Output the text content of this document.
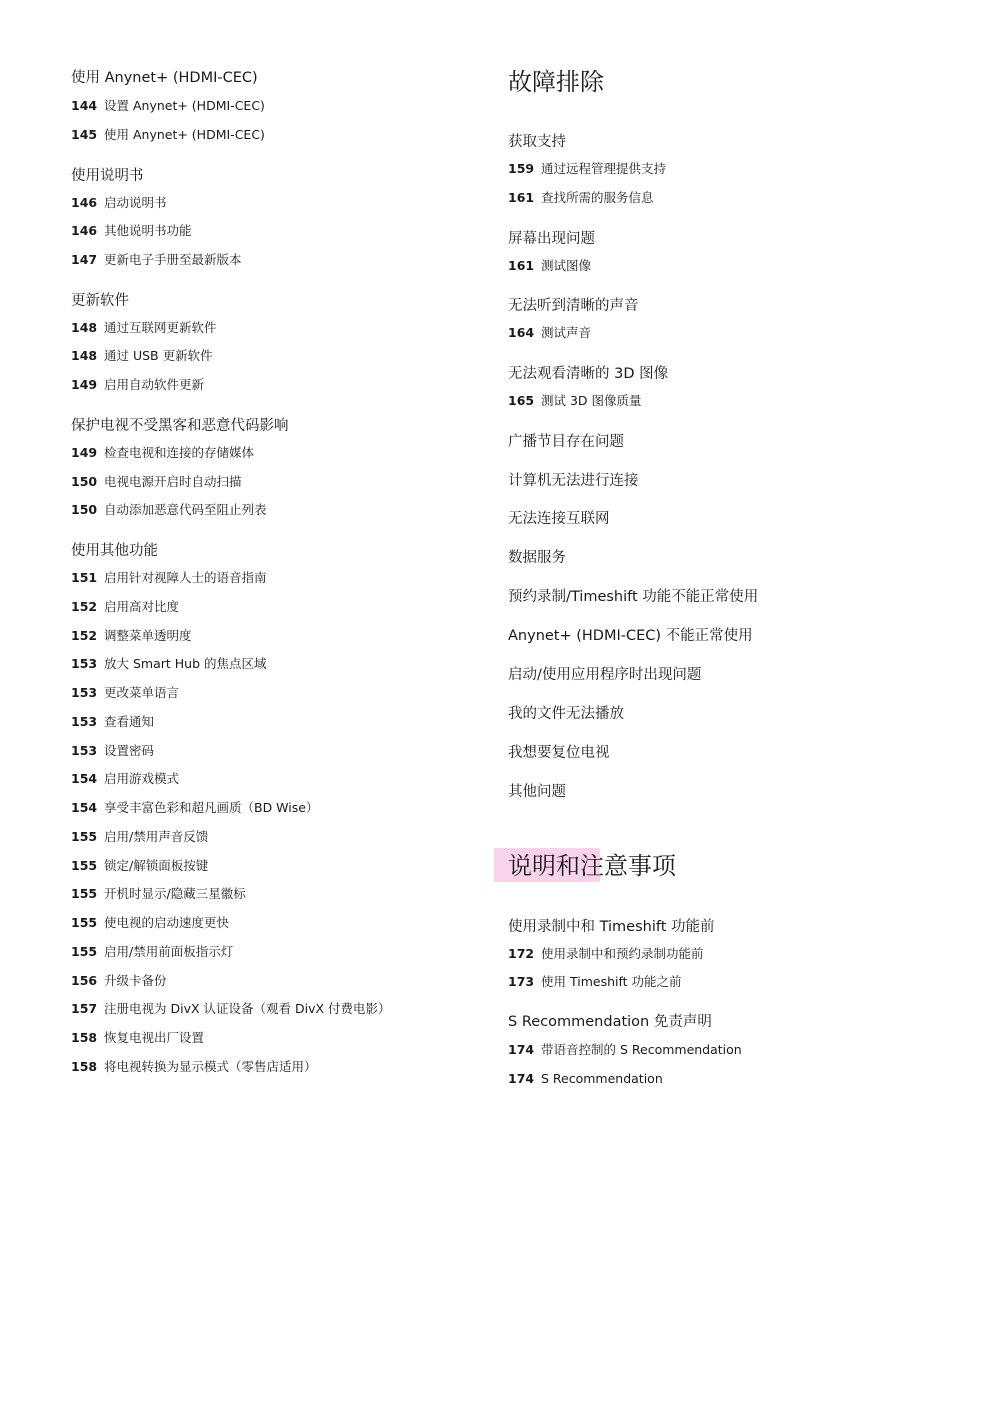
使用 Anynet+ (HDMI-CEC)
144 设置 Anynet+ (HDMI-CEC)
145 使用 Anynet+ (HDMI-CEC)
使用说明书
146 启动说明书
146 其他说明书功能
147 更新电子手册至最新版本
更新软件
148 通过互联网更新软件
148 通过 USB 更新软件
149 启用自动软件更新
保护电视不受黑客和恶意代码影响
149 检查电视和连接的存储媒体
150 电视电源开启时自动扫描
150 自动添加恶意代码至阻止列表
使用其他功能
151 启用针对视障人士的语音指南
152 启用高对比度
152 调整菜单透明度
153 放大 Smart Hub 的焦点区域
153 更改菜单语言
153 查看通知
153 设置密码
154 启用游戏模式
154 享受丰富色彩和超凡画质（BD Wise）
155 启用/禁用声音反馈
155 锁定/解锁面板按键
155 开机时显示/隐藏三星徽标
155 使电视的启动速度更快
155 启用/禁用前面板指示灯
156 升级卡备份
157 注册电视为 DivX 认证设备（观看 DivX 付费电影）
158 恢复电视出厂设置
158 将电视转换为显示模式（零售店适用）
故障排除
获取支持
159 通过远程管理提供支持
161 查找所需的服务信息
屏幕出现问题
161 测试图像
无法听到清晰的声音
164 测试声音
无法观看清晰的 3D 图像
165 测试 3D 图像质量
广播节目存在问题
计算机无法进行连接
无法连接互联网
数据服务
预约录制/Timeshift 功能不能正常使用
Anynet+ (HDMI-CEC) 不能正常使用
启动/使用应用程序时出现问题
我的文件无法播放
我想要复位电视
其他问题
说明和注意事项
使用录制中和 Timeshift 功能前
172 使用录制中和预约录制功能前
173 使用 Timeshift 功能之前
S Recommendation 免责声明
174 带语音控制的 S Recommendation
174 S Recommendation
